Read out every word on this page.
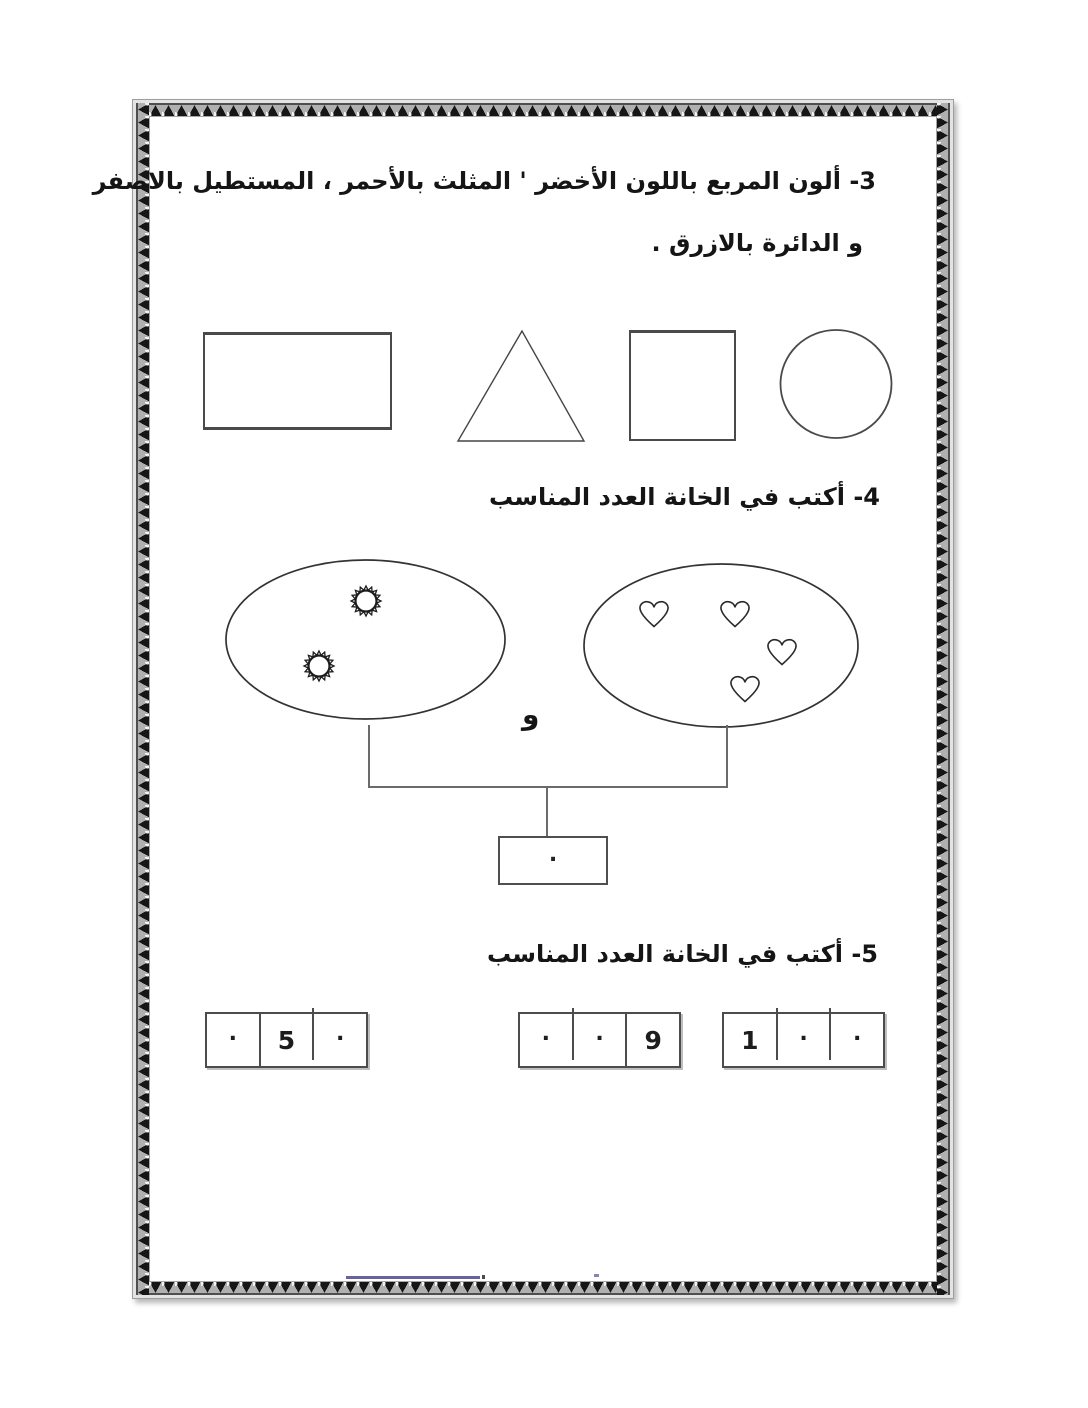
3- ألون المربع باللون الأخضر ' المثلث بالأحمر ، المستطيل بالاصفر
و الدائرة بالازرق .
4- أكتب في الخانة العدد المناسب
و
.
5- أكتب في الخانة العدد المناسب
.	5	.	.	.	9	1	.	.
